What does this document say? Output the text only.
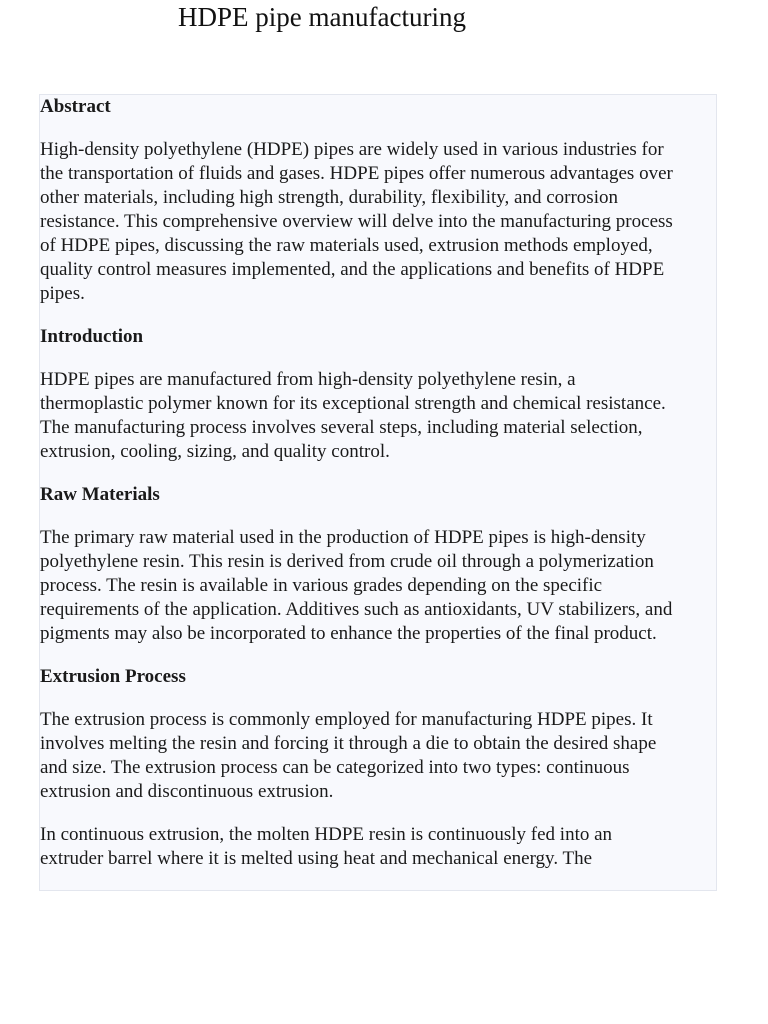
HDPE pipe manufacturing
Abstract

High-density polyethylene (HDPE) pipes are widely used in various industries for the transportation of fluids and gases. HDPE pipes offer numerous advantages over other materials, including high strength, durability, flexibility, and corrosion resistance. This comprehensive overview will delve into the manufacturing process of HDPE pipes, discussing the raw materials used, extrusion methods employed, quality control measures implemented, and the applications and benefits of HDPE pipes.

Introduction

HDPE pipes are manufactured from high-density polyethylene resin, a thermoplastic polymer known for its exceptional strength and chemical resistance. The manufacturing process involves several steps, including material selection, extrusion, cooling, sizing, and quality control.

Raw Materials

The primary raw material used in the production of HDPE pipes is high-density polyethylene resin. This resin is derived from crude oil through a polymerization process. The resin is available in various grades depending on the specific requirements of the application. Additives such as antioxidants, UV stabilizers, and pigments may also be incorporated to enhance the properties of the final product.

Extrusion Process

The extrusion process is commonly employed for manufacturing HDPE pipes. It involves melting the resin and forcing it through a die to obtain the desired shape and size. The extrusion process can be categorized into two types: continuous extrusion and discontinuous extrusion.

In continuous extrusion, the molten HDPE resin is continuously fed into an extruder barrel where it is melted using heat and mechanical energy. The
